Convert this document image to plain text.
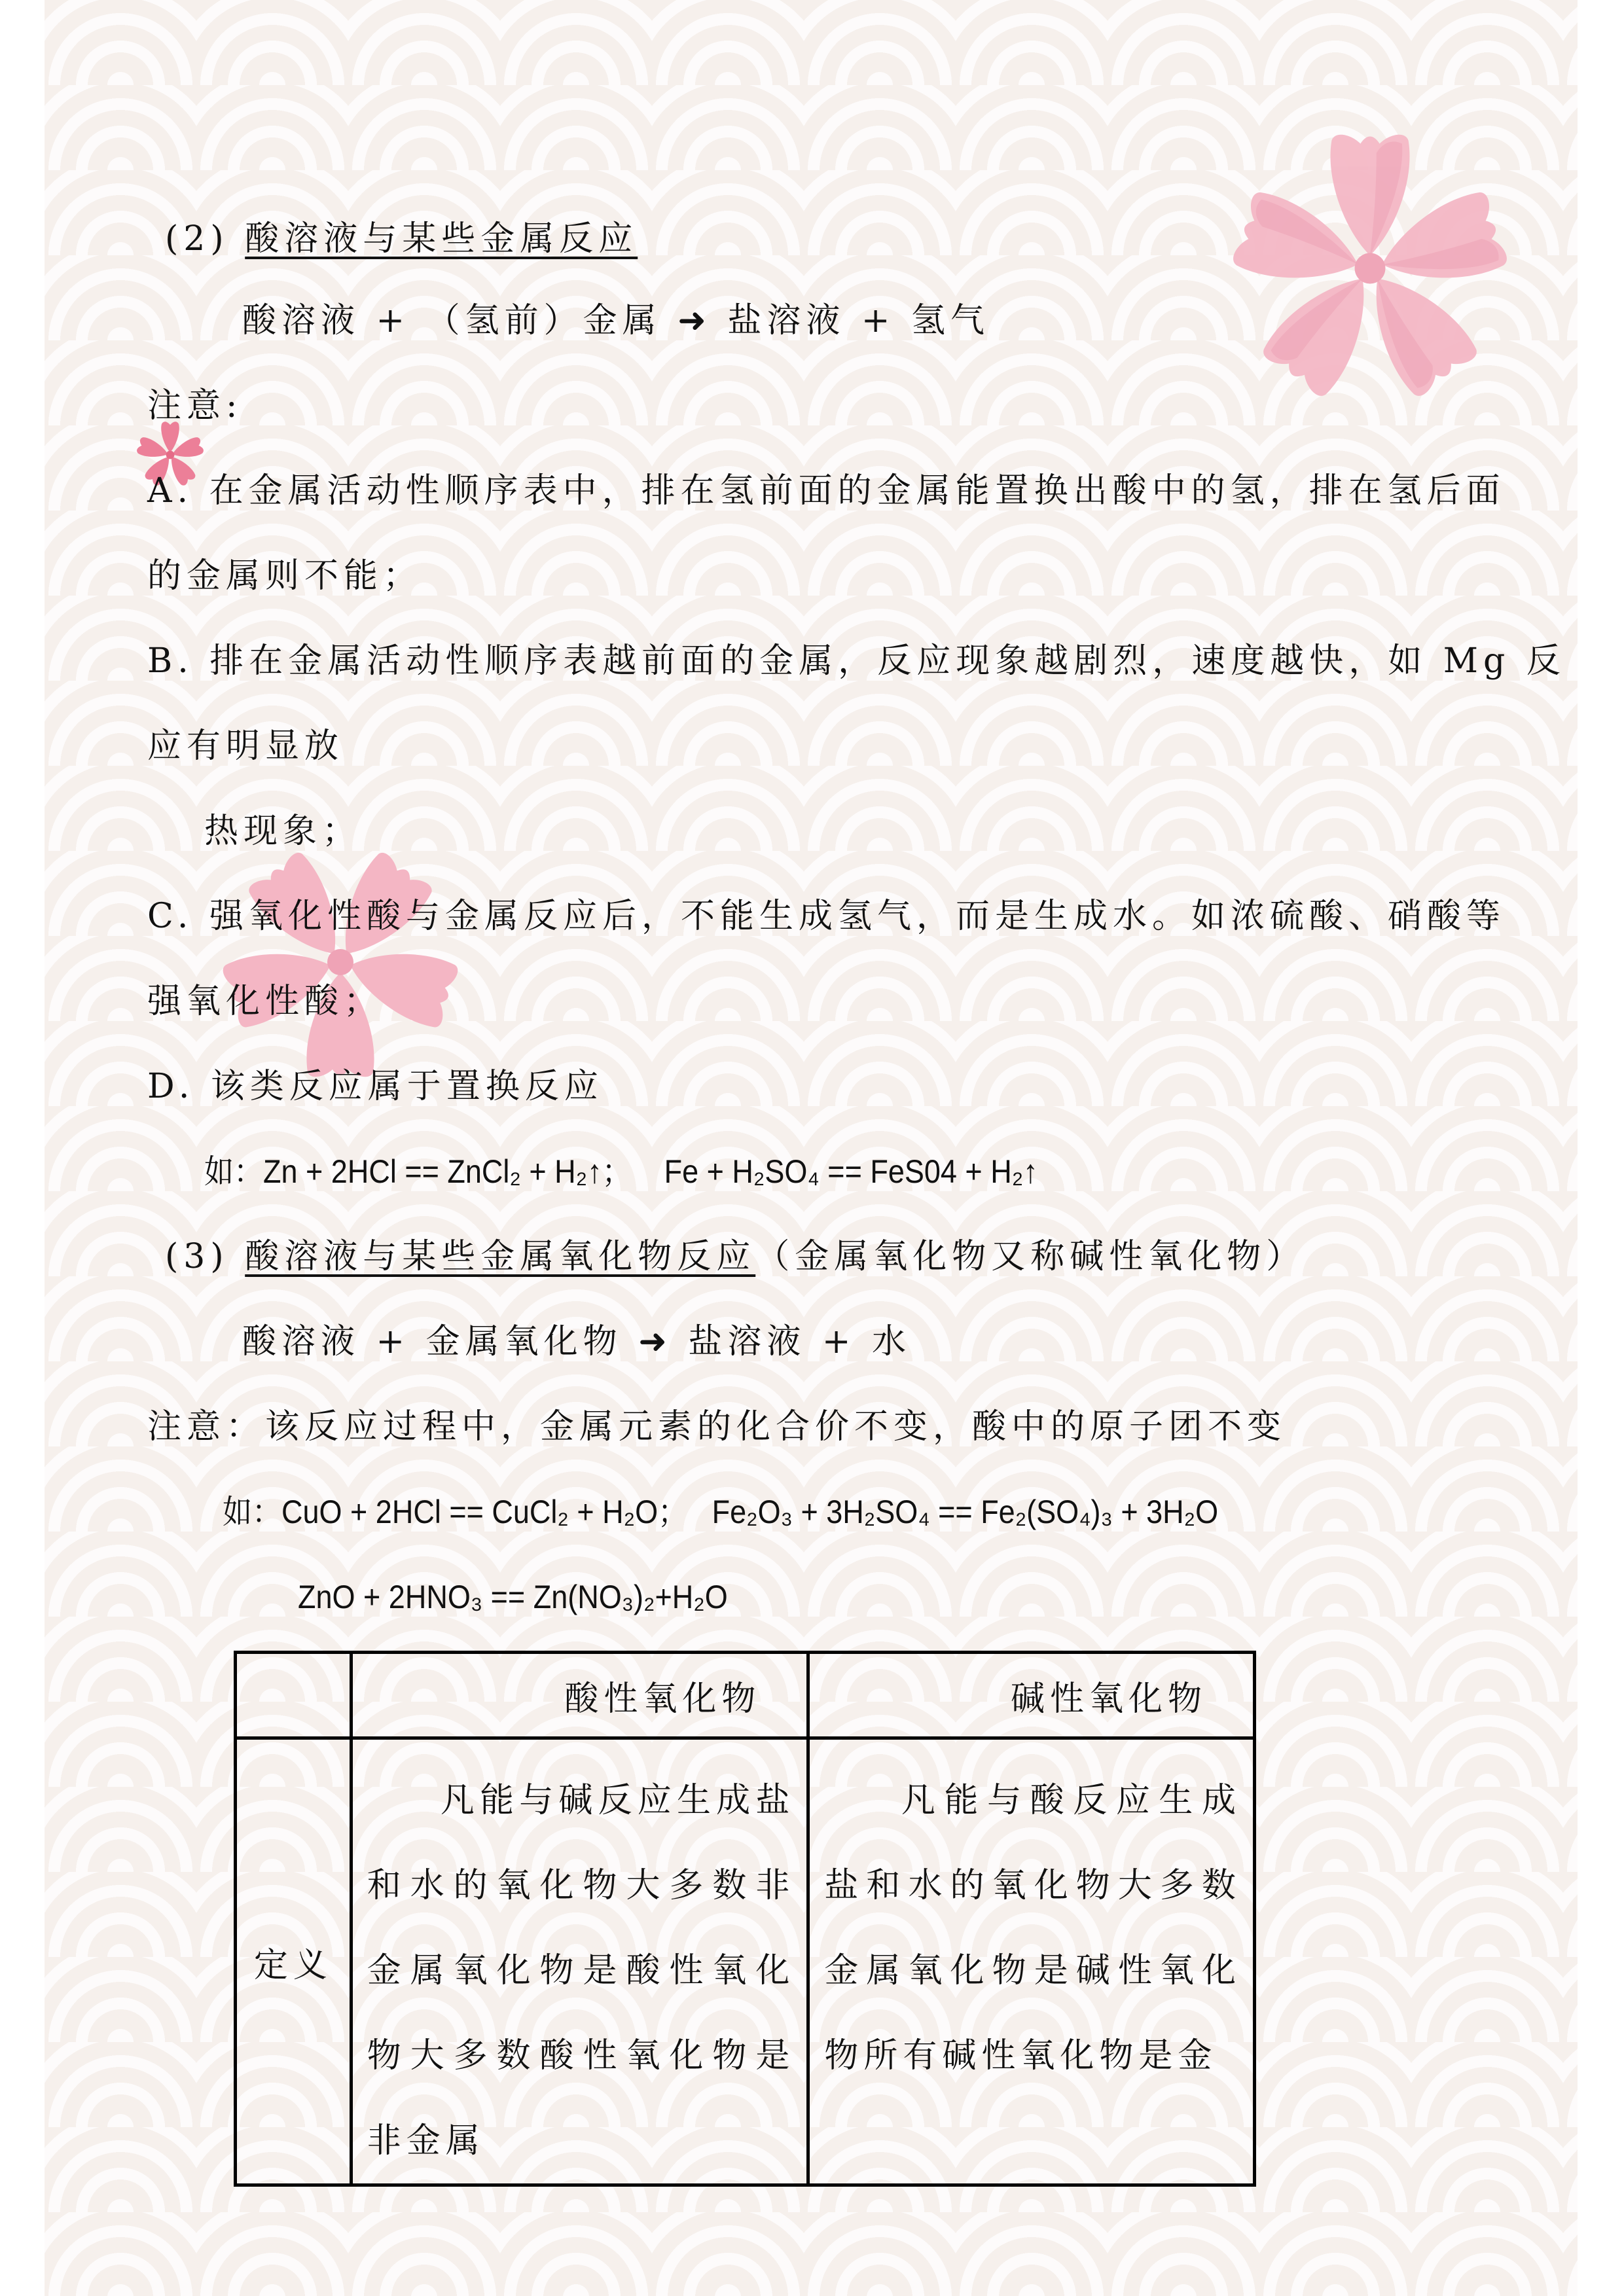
(2) 酸溶液与某些金属反应
酸溶液 + （氢前）金属 ➜ 盐溶液 + 氢气
注意:
A. 在金属活动性顺序表中，排在氢前面的金属能置换出酸中的氢，排在氢后面
的金属则不能；
B. 排在金属活动性顺序表越前面的金属，反应现象越剧烈，速度越快，如 Mg 反
应有明显放
热现象；
C. 强氧化性酸与金属反应后，不能生成氢气，而是生成水。如浓硫酸、硝酸等
强氧化性酸；
D. 该类反应属于置换反应
如：Zn + 2HCl == ZnCl₂ + H₂↑； Fe + H₂SO₄ == FeS04 + H₂↑
(3) 酸溶液与某些金属氧化物反应（金属氧化物又称碱性氧化物）
酸溶液 + 金属氧化物 ➜ 盐溶液 + 水
注意：该反应过程中，金属元素的化合价不变，酸中的原子团不变
如：CuO + 2HCl == CuCl₂ + H₂O； Fe₂O₃ + 3H₂SO₄ == Fe₂(SO₄)₃ + 3H₂O
ZnO + 2HNO₃ == Zn(NO₃)₂+H₂O
	酸性氧化物	碱性氧化物
定义	凡能与碱反应生成盐和水的氧化物大多数非金属氧化物是酸性氧化物大多数酸性氧化物是非金属	凡能与酸反应生成盐和水的氧化物大多数金属氧化物是碱性氧化物所有碱性氧化物是金
